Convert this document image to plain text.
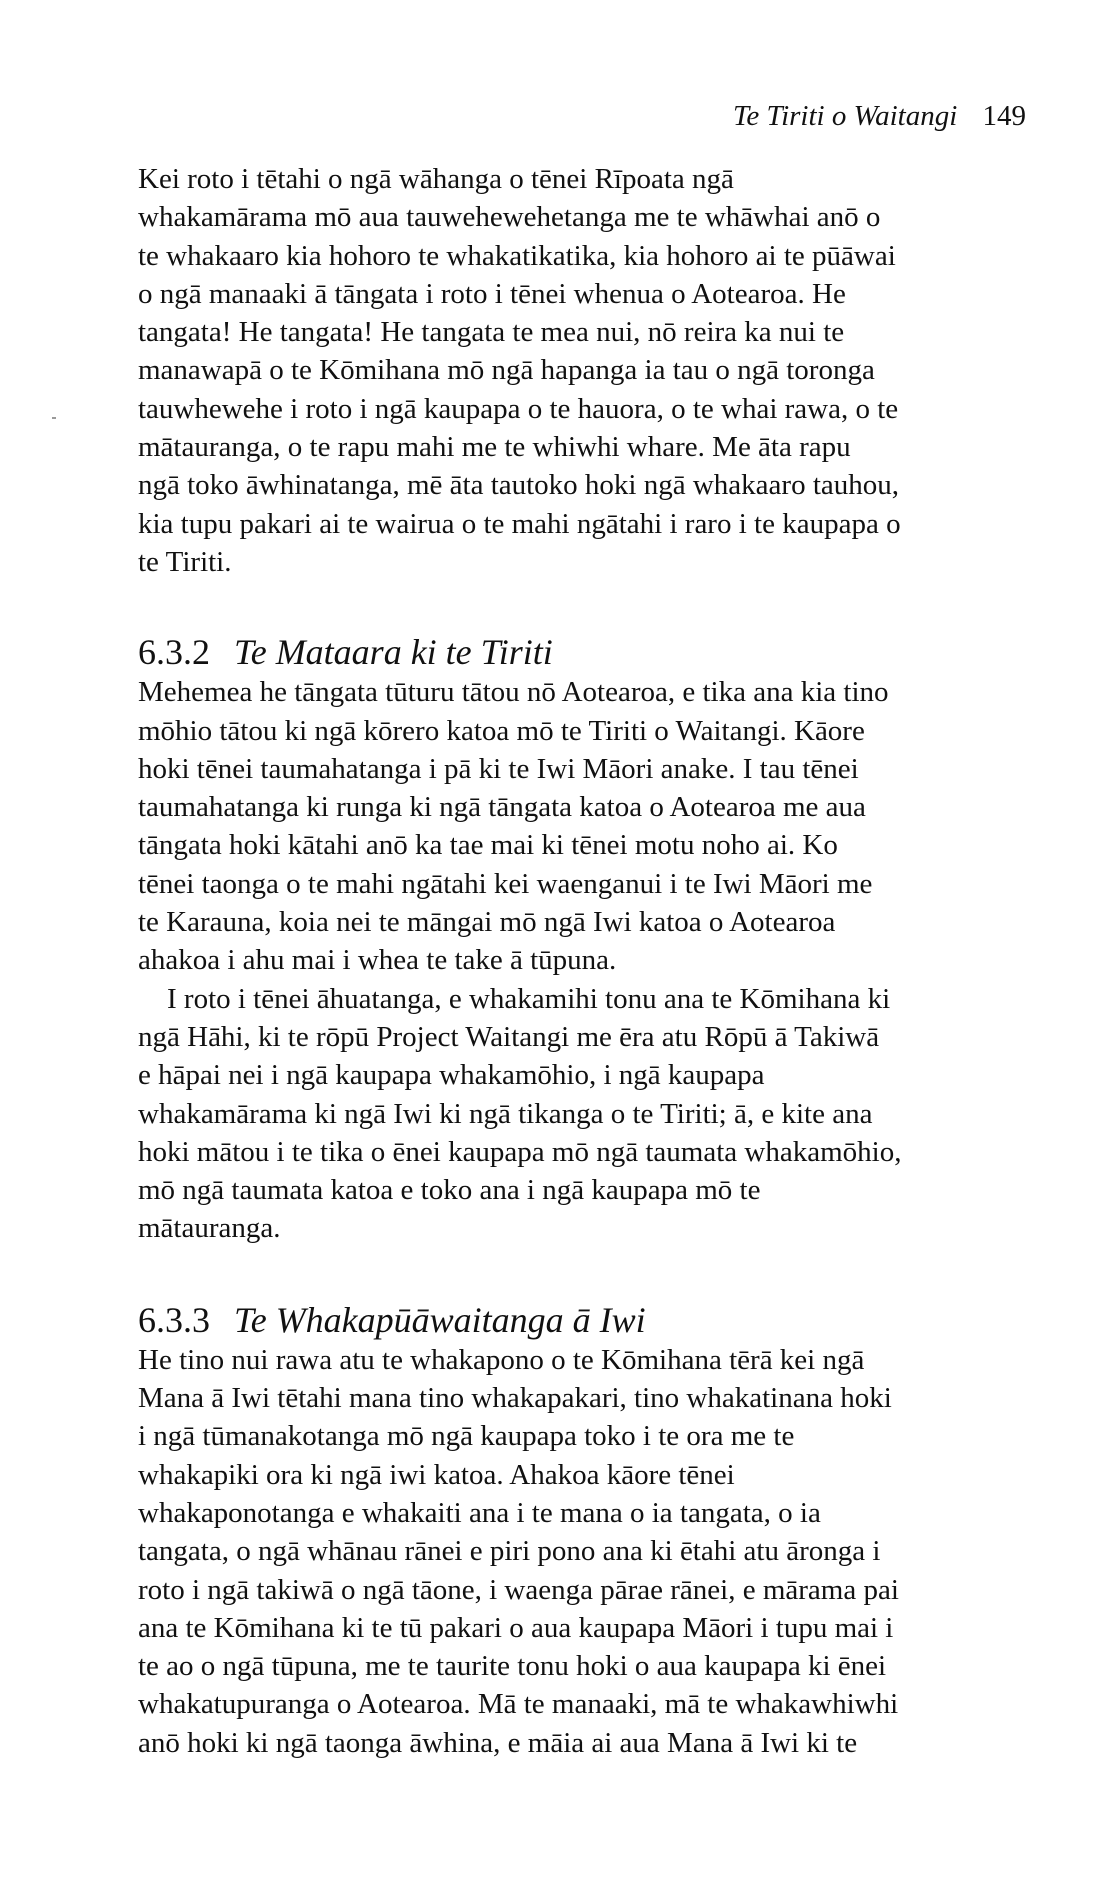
Te Tiriti o Waitangi 149
Kei roto i tētahi o ngā wāhanga o tēnei Rīpoata ngā
whakamārama mō aua tauwehewehetanga me te whāwhai anō o
te whakaaro kia hohoro te whakatikatika, kia hohoro ai te pūāwai
o ngā manaaki ā tāngata i roto i tēnei whenua o Aotearoa. He
tangata! He tangata! He tangata te mea nui, nō reira ka nui te
manawapā o te Kōmihana mō ngā hapanga ia tau o ngā toronga
tauwhewehe i roto i ngā kaupapa o te hauora, o te whai rawa, o te
mātauranga, o te rapu mahi me te whiwhi whare. Me āta rapu
ngā toko āwhinatanga, mē āta tautoko hoki ngā whakaaro tauhou,
kia tupu pakari ai te wairua o te mahi ngātahi i raro i te kaupapa o
te Tiriti.
6.3.2 Te Mataara ki te Tiriti
Mehemea he tāngata tūturu tātou nō Aotearoa, e tika ana kia tino
mōhio tātou ki ngā kōrero katoa mō te Tiriti o Waitangi. Kāore
hoki tēnei taumahatanga i pā ki te Iwi Māori anake. I tau tēnei
taumahatanga ki runga ki ngā tāngata katoa o Aotearoa me aua
tāngata hoki kātahi anō ka tae mai ki tēnei motu noho ai. Ko
tēnei taonga o te mahi ngātahi kei waenganui i te Iwi Māori me
te Karauna, koia nei te māngai mō ngā Iwi katoa o Aotearoa
ahakoa i ahu mai i whea te take ā tūpuna.
I roto i tēnei āhuatanga, e whakamihi tonu ana te Kōmihana ki
ngā Hāhi, ki te rōpū Project Waitangi me ēra atu Rōpū ā Takiwā
e hāpai nei i ngā kaupapa whakamōhio, i ngā kaupapa
whakamārama ki ngā Iwi ki ngā tikanga o te Tiriti; ā, e kite ana
hoki mātou i te tika o ēnei kaupapa mō ngā taumata whakamōhio,
mō ngā taumata katoa e toko ana i ngā kaupapa mō te
mātauranga.
6.3.3 Te Whakapūāwaitanga ā Iwi
He tino nui rawa atu te whakapono o te Kōmihana tērā kei ngā
Mana ā Iwi tētahi mana tino whakapakari, tino whakatinana hoki
i ngā tūmanakotanga mō ngā kaupapa toko i te ora me te
whakapiki ora ki ngā iwi katoa. Ahakoa kāore tēnei
whakaponotanga e whakaiti ana i te mana o ia tangata, o ia
tangata, o ngā whānau rānei e piri pono ana ki ētahi atu āronga i
roto i ngā takiwā o ngā tāone, i waenga pārae rānei, e mārama pai
ana te Kōmihana ki te tū pakari o aua kaupapa Māori i tupu mai i
te ao o ngā tūpuna, me te taurite tonu hoki o aua kaupapa ki ēnei
whakatupuranga o Aotearoa. Mā te manaaki, mā te whakawhiwhi
anō hoki ki ngā taonga āwhina, e māia ai aua Mana ā Iwi ki te
